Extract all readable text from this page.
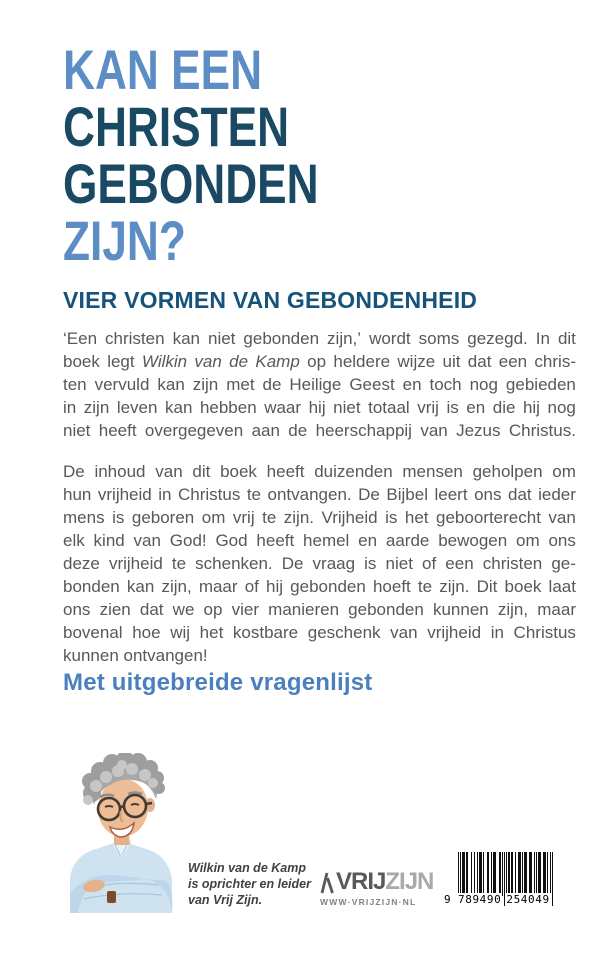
KAN EEN
CHRISTEN
GEBONDEN
ZIJN?
VIER VORMEN VAN GEBONDENHEID
‘Een christen kan niet gebonden zijn,’ wordt soms gezegd. In dit
boek legt Wilkin van de Kamp op heldere wijze uit dat een chris-
ten vervuld kan zijn met de Heilige Geest en toch nog gebieden
in zijn leven kan hebben waar hij niet totaal vrij is en die hij nog
niet heeft overgegeven aan de heerschappij van Jezus Christus.
De inhoud van dit boek heeft duizenden mensen geholpen om
hun vrijheid in Christus te ontvangen. De Bijbel leert ons dat ieder
mens is geboren om vrij te zijn. Vrijheid is het geboorterecht van
elk kind van God! God heeft hemel en aarde bewogen om ons
deze vrijheid te schenken. De vraag is niet of een christen ge-
bonden kan zijn, maar of hij gebonden hoeft te zijn. Dit boek laat
ons zien dat we op vier manieren gebonden kunnen zijn, maar
bovenal hoe wij het kostbare geschenk van vrijheid in Christus
kunnen ontvangen!
Met uitgebreide vragenlijst
Wilkin van de Kamp
is oprichter en leider
van Vrij Zijn.
VRIJ ZIJN
WWW·VRIJZIJN·NL	9 789490 254049
